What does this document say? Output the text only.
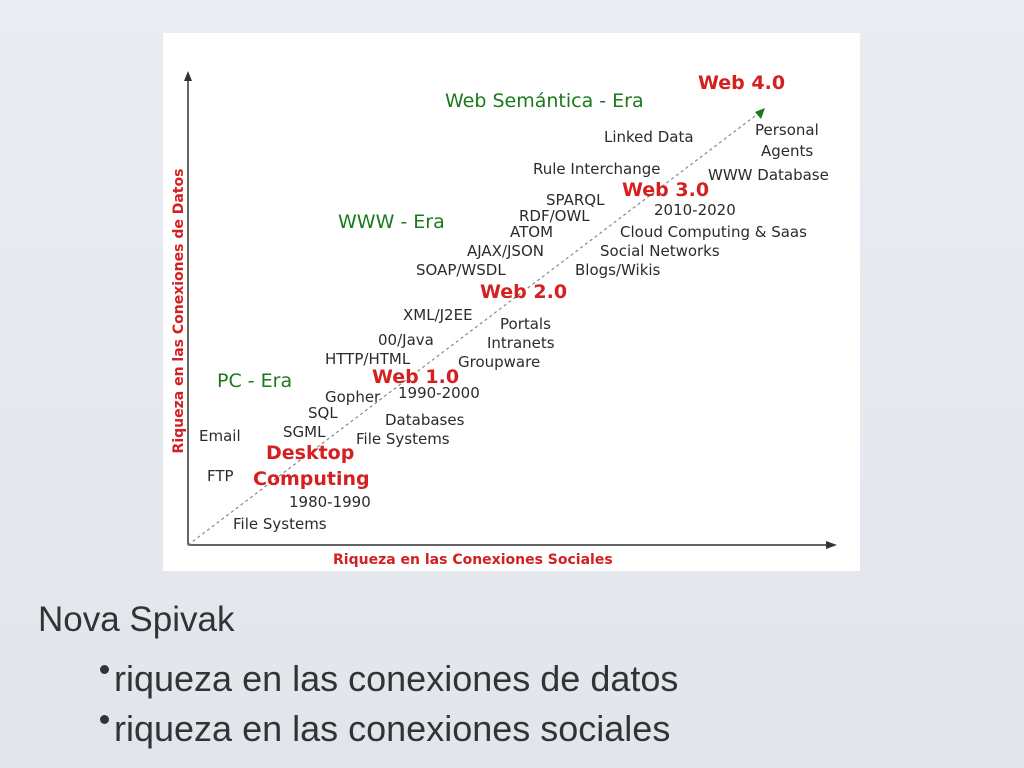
Riqueza en las Conexiones de Datos
Riqueza en las Conexiones Sociales
Web Semántica - Era
WWW - Era
PC - Era
Web 4.0
Web 3.0
2010-2020
Web 2.0
Web 1.0
1990-2000
Desktop
Computing
1980-1990
Personal
Agents
Linked Data
Rule Interchange	WWW Database
SPARQL
RDF/OWL
ATOM	Cloud Computing & Saas
AJAX/JSON	Social Networks
SOAP/WSDL	Blogs/Wikis
XML/J2EE Portals
00/Java	Intranets
HTTP/HTML	Groupware
Gopher
SQL	Databases
Email	SGML File Systems
FTP
File Systems
Nova Spivak
riqueza en las conexiones de datos
riqueza en las conexiones sociales
